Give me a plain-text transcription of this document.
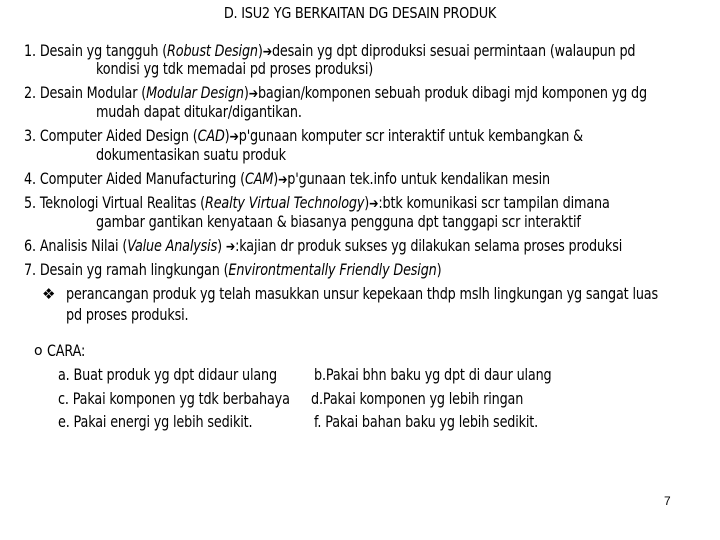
D. ISU2 YG BERKAITAN DG DESAIN PRODUK
1. Desain yg tangguh (Robust Design)➔desain yg dpt diproduksi sesuai permintaan (walaupun pd
kondisi yg tdk memadai pd proses produksi)
2. Desain Modular (Modular Design)➔bagian/komponen sebuah produk dibagi mjd komponen yg dg
mudah dapat ditukar/digantikan.
3. Computer Aided Design (CAD)➔p'gunaan komputer scr interaktif untuk kembangkan &
dokumentasikan suatu produk
4. Computer Aided Manufacturing (CAM)➔p'gunaan tek.info untuk kendalikan mesin
5. Teknologi Virtual Realitas (Realty Virtual Technology)➔:btk komunikasi scr tampilan dimana
gambar gantikan kenyataan & biasanya pengguna dpt tanggapi scr interaktif
6. Analisis Nilai (Value Analysis) ➔:kajian dr produk sukses yg dilakukan selama proses produksi
7. Desain yg ramah lingkungan (Environtmentally Friendly Design)
❖ perancangan produk yg telah masukkan unsur kepekaan thdp mslh lingkungan yg sangat luas
pd proses produksi.
o CARA:
a. Buat produk yg dpt didaur ulang b.Pakai bhn baku yg dpt di daur ulang
c. Pakai komponen yg tdk berbahaya d.Pakai komponen yg lebih ringan
e. Pakai energi yg lebih sedikit.	f. Pakai bahan baku yg lebih sedikit.
7
